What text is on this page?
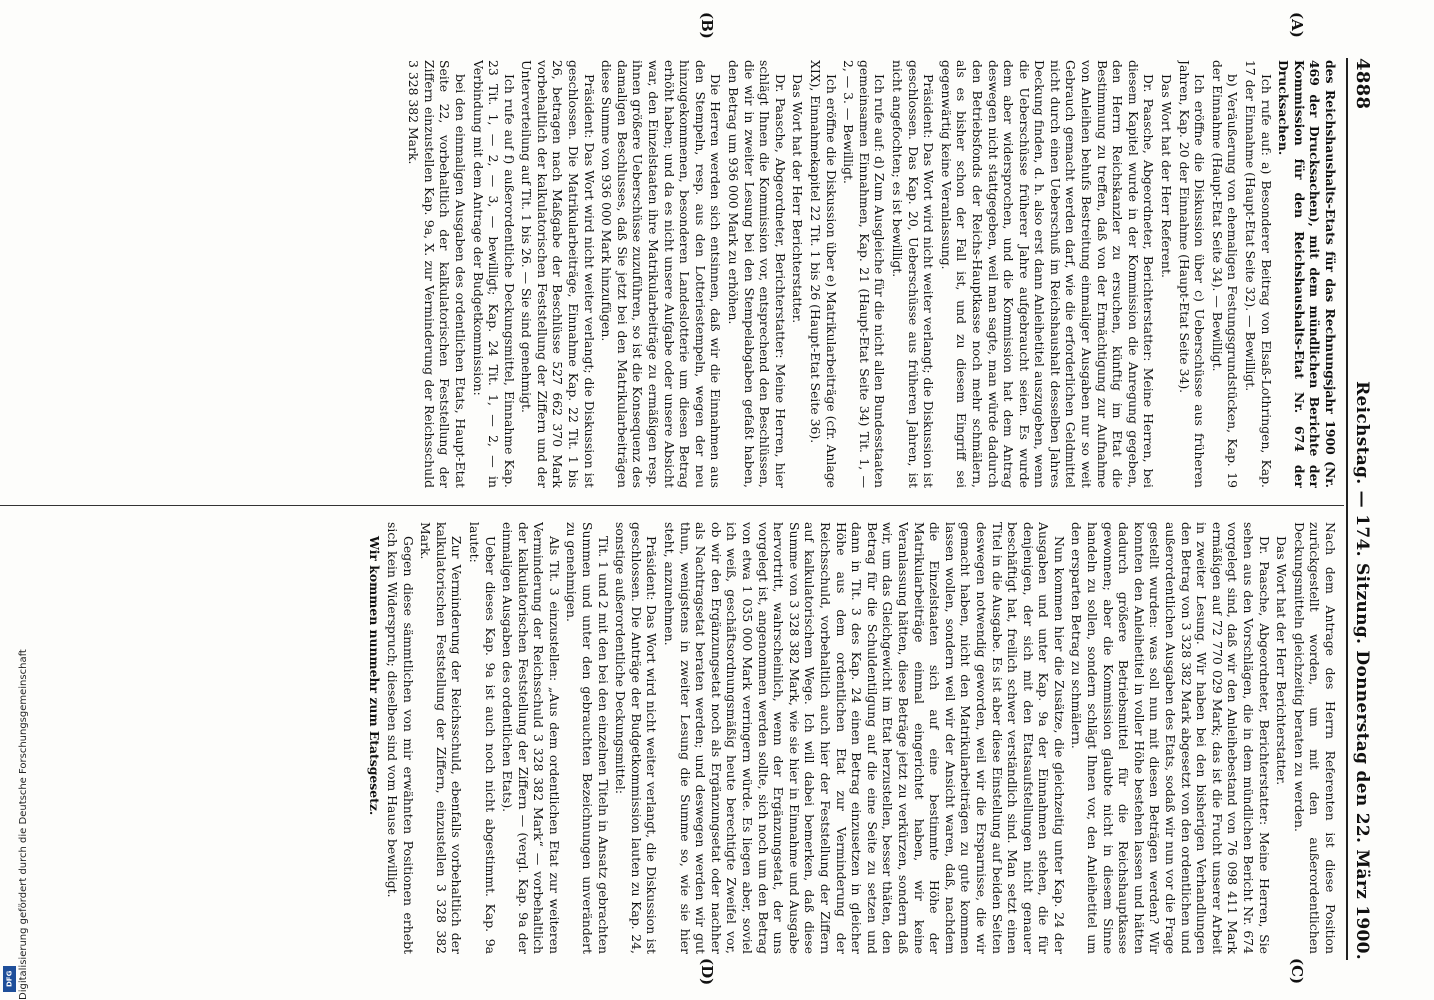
4888
Reichstag. — 174. Sitzung. Donnerstag den 22. März 1900.
(A)
(B)
(C)
(D)

des Reichshaushalts-Etats für das Rechnungsjahr 1900 (Nr. 469 der Drucksachen), mit dem mündlichen Berichte der Kommission für den Reichshaushalts-Etat Nr. 674 der Drucksachen.

Ich rufe auf: a) Besonderer Beitrag von Elsaß-Lothringen, Kap. 17 der Einnahme (Haupt-Etat Seite 32). — Bewilligt.

b) Veräußerung von ehemaligen Festungsgrundstücken, Kap. 19 der Einnahme (Haupt-Etat Seite 34). — Bewilligt.

Ich eröffne die Diskussion über c) Ueberschüsse aus früheren Jahren, Kap. 20 der Einnahme (Haupt-Etat Seite 34).

Das Wort hat der Herr Referent.

Dr. Paasche, Abgeordneter, Berichterstatter: Meine Herren, bei diesem Kapitel wurde in der Kommission die Anregung gegeben, den Herrn Reichskanzler zu ersuchen, künftig im Etat die Bestimmung zu treffen, daß von der Ermächtigung zur Aufnahme von Anleihen behufs Bestreitung einmaliger Ausgaben nur so weit Gebrauch gemacht werden darf, wie die erforderlichen Geldmittel nicht durch einen Ueberschuß im Reichshaushalt desselben Jahres Deckung finden, d. h. also erst dann Anleihetitel auszugeben, wenn die Ueberschüsse früherer Jahre aufgebraucht seien. Es wurde dem aber widersprochen, und die Kommission hat dem Antrag deswegen nicht stattgegeben, weil man sagte, man würde dadurch den Betriebsfonds der Reichs-Hauptkasse noch mehr schmälern, als es bisher schon der Fall ist, und zu diesem Eingriff sei gegenwärtig keine Veranlassung.

Präsident: Das Wort wird nicht weiter verlangt; die Diskussion ist geschlossen. Das Kap. 20, Ueberschüsse aus früheren Jahren, ist nicht angefochten; es ist bewilligt.

Ich rufe auf: d) Zum Ausgleiche für die nicht allen Bundesstaaten gemeinsamen Einnahmen, Kap. 21 (Haupt-Etat Seite 34) Tit. 1, — 2, — 3. — Bewilligt.

Ich eröffne die Diskussion über e) Matrikularbeiträge (cfr. Anlage XIX), Einnahmekapitel 22 Tit. 1 bis 26 (Haupt-Etat Seite 36).

Das Wort hat der Herr Berichterstatter.

Dr. Paasche, Abgeordneter, Berichterstatter: Meine Herren, hier schlägt Ihnen die Kommission vor, entsprechend den Beschlüssen, die wir in zweiter Lesung bei den Stempelabgaben gefaßt haben, den Betrag um 936 000 Mark zu erhöhen.

Die Herren werden sich entsinnen, daß wir die Einnahmen aus den Stempeln, resp. aus den Lotteriestempeln, wegen der neu hinzugekommenen, besonderen Landeslotterie um diesen Betrag erhöht haben; und da es nicht unsere Aufgabe oder unsere Absicht war, den Einzelstaaten ihre Matrikularbeiträge zu ermäßigen resp. ihnen größere Ueberschüsse zuzuführen, so ist die Konsequenz des damaligen Beschlusses, daß Sie jetzt bei den Matrikularbeiträgen diese Summe von 936 000 Mark hinzufügen.

Präsident: Das Wort wird nicht weiter verlangt; die Diskussion ist geschlossen. Die Matrikularbeiträge, Einnahme Kap. 22 Tit. 1 bis 26, betragen nach Maßgabe der Beschlüsse 527 662 370 Mark vorbehaltlich der kalkulatorischen Feststellung der Ziffern und der Unterverteilung auf Tit. 1 bis 26. — Sie sind genehmigt.

Ich rufe auf f) außerordentliche Deckungsmittel, Einnahme Kap. 23 Tit. 1, — 2, — 3, — bewilligt; Kap. 24 Tit. 1, — 2, — in Verbindung mit dem Antrage der Budgetkommission:

bei den einmaligen Ausgaben des ordentlichen Etats, Haupt-Etat Seite 22, vorbehaltlich der kalkulatorischen Feststellung der Ziffern einzustellen Kap. 9a, X. zur Verminderung der Reichsschuld 3 328 382 Mark.

Nach dem Antrage des Herrn Referenten ist diese Position zurückgestellt worden, um mit den außerordentlichen Deckungsmitteln gleichzeitig beraten zu werden.

Das Wort hat der Herr Berichterstatter.

Dr. Paasche, Abgeordneter, Berichterstatter: Meine Herren, Sie sehen aus den Vorschlägen, die in dem mündlichen Bericht Nr. 674 vorgelegt sind, daß wir den Anleihebestand von 76 098 411 Mark ermäßigen auf 72 770 029 Mark; das ist die Frucht unserer Arbeit in zweiter Lesung. Wir haben bei den bisherigen Verhandlungen den Betrag von 3 328 382 Mark abgesetzt von den ordentlichen und außerordentlichen Ausgaben des Etats, sodaß wir nun vor die Frage gestellt wurden: was soll nun mit diesen Beträgen werden? Wir konnten den Anleihetitel in voller Höhe bestehen lassen und hätten dadurch größere Betriebsmittel für die Reichshauptkasse gewonnen; aber die Kommission glaubte nicht in diesem Sinne handeln zu sollen, sondern schlägt Ihnen vor, den Anleihetitel um den ersparten Betrag zu schmälern.

Nun kommen hier die Zusätze, die gleichzeitig unter Kap. 24 der Ausgaben und unter Kap. 9a der Einnahmen stehen, die für denjenigen, der sich mit den Etatsaufstellungen nicht genauer beschäftigt hat, freilich schwer verständlich sind. Man setzt einen Titel in die Ausgabe. Es ist aber diese Einstellung auf beiden Seiten deswegen notwendig geworden, weil wir die Ersparnisse, die wir gemacht haben, nicht den Matrikularbeiträgen zu gute kommen lassen wollen, sondern weil wir der Ansicht waren, daß, nachdem die Einzelstaaten sich auf eine bestimmte Höhe der Matrikularbeiträge einmal eingerichtet haben, wir keine Veranlassung hätten, diese Beträge jetzt zu verkürzen, sondern daß wir, um das Gleichgewicht im Etat herzustellen, besser thäten, den Betrag für die Schuldentilgung auf die eine Seite zu setzen und dann in Tit. 3 des Kap. 24 einen Betrag einzusetzen in gleicher Höhe aus dem ordentlichen Etat zur Verminderung der Reichsschuld, vorbehaltlich auch hier der Feststellung der Ziffern auf kalkulatorischem Wege. Ich will dabei bemerken, daß diese Summe von 3 328 382 Mark, wie sie hier in Einnahme und Ausgabe hervortritt, wahrscheinlich, wenn der Ergänzungsetat, der uns vorgelegt ist, angenommen werden sollte, sich noch um den Betrag von etwa 1 035 000 Mark verringern würde. Es liegen aber, soviel ich weiß, geschäftsordnungsmäßig heute berechtigte Zweifel vor, ob wir den Ergänzungsetat noch als Ergänzungsetat oder nachher als Nachtragsetat beraten werden; und deswegen werden wir gut thun, wenigstens in zweiter Lesung die Summe so, wie sie hier steht, anzunehmen.

Präsident: Das Wort wird nicht weiter verlangt, die Diskussion ist geschlossen. Die Anträge der Budgetkommission lauten zu Kap. 24, sonstige außerordentliche Deckungsmittel:

Tit. 1 und 2 mit den bei den einzelnen Titeln in Ansatz gebrachten Summen und unter den gebrauchten Bezeichnungen unverändert zu genehmigen.

Als Tit. 3 einzustellen: „Aus dem ordentlichen Etat zur weiteren Verminderung der Reichsschuld 3 328 382 Mark“ — vorbehaltlich der kalkulatorischen Feststellung der Ziffern — (vergl. Kap. 9a der einmaligen Ausgaben des ordentlichen Etats).

Ueber dieses Kap. 9a ist auch noch nicht abgestimmt. Kap. 9a lautet:

Zur Verminderung der Reichsschuld, ebenfalls vorbehaltlich der kalkulatorischen Feststellung der Ziffern, einzustellen 3 328 382 Mark.

Gegen diese sämmtlichen von mir erwähnten Positionen erhebt sich kein Widerspruch; dieselben sind vom Hause bewilligt.

Wir kommen nunmehr zum Etatsgesetz.

DFG Digitalisierung gefördert durch die Deutsche Forschungsgemeinschaft
